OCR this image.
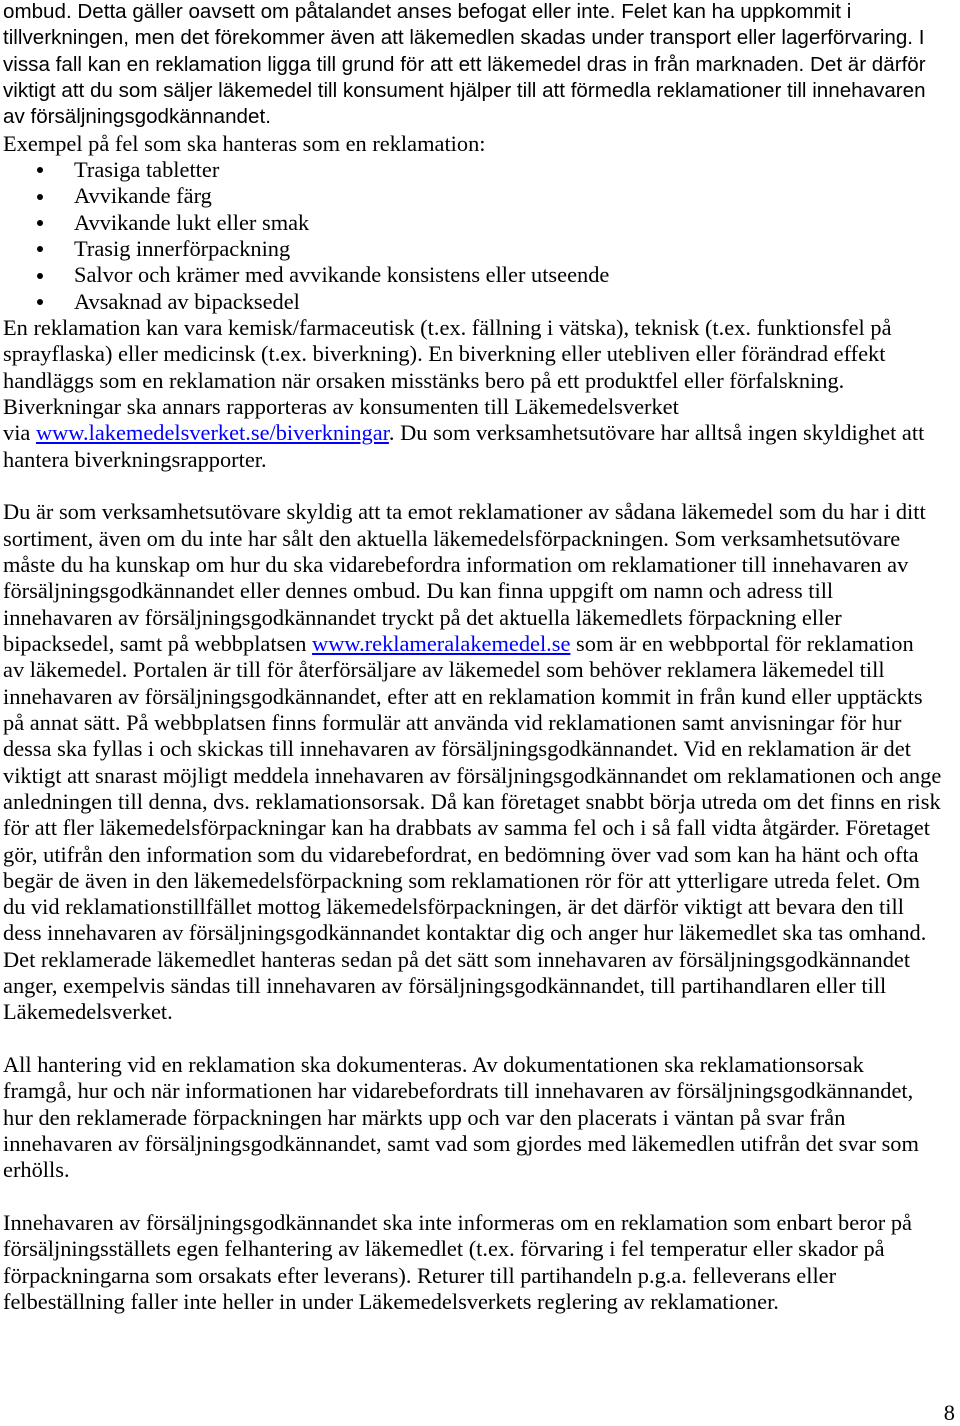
ombud. Detta gäller oavsett om påtalandet anses befogat eller inte. Felet kan ha uppkommit i
tillverkningen, men det förekommer även att läkemedlen skadas under transport eller lagerförvaring. I
vissa fall kan en reklamation ligga till grund för att ett läkemedel dras in från marknaden. Det är därför
viktigt att du som säljer läkemedel till konsument hjälper till att förmedla reklamationer till innehavaren
av försäljningsgodkännandet.
Exempel på fel som ska hanteras som en reklamation:
Trasiga tabletter
Avvikande färg
Avvikande lukt eller smak
Trasig innerförpackning
Salvor och krämer med avvikande konsistens eller utseende
Avsaknad av bipacksedel
En reklamation kan vara kemisk/farmaceutisk (t.ex. fällning i vätska), teknisk (t.ex. funktionsfel på
sprayflaska) eller medicinsk (t.ex. biverkning). En biverkning eller utebliven eller förändrad effekt
handläggs som en reklamation när orsaken misstänks bero på ett produktfel eller förfalskning.
Biverkningar ska annars rapporteras av konsumenten till Läkemedelsverket
via www.lakemedelsverket.se/biverkningar. Du som verksamhetsutövare har alltså ingen skyldighet att
hantera biverkningsrapporter.
Du är som verksamhetsutövare skyldig att ta emot reklamationer av sådana läkemedel som du har i ditt
sortiment, även om du inte har sålt den aktuella läkemedelsförpackningen. Som verksamhetsutövare
måste du ha kunskap om hur du ska vidarebefordra information om reklamationer till innehavaren av
försäljningsgodkännandet eller dennes ombud. Du kan finna uppgift om namn och adress till
innehavaren av försäljningsgodkännandet tryckt på det aktuella läkemedlets förpackning eller
bipacksedel, samt på webbplatsen www.reklameralakemedel.se som är en webbportal för reklamation
av läkemedel. Portalen är till för återförsäljare av läkemedel som behöver reklamera läkemedel till
innehavaren av försäljningsgodkännandet, efter att en reklamation kommit in från kund eller upptäckts
på annat sätt. På webbplatsen finns formulär att använda vid reklamationen samt anvisningar för hur
dessa ska fyllas i och skickas till innehavaren av försäljningsgodkännandet. Vid en reklamation är det
viktigt att snarast möjligt meddela innehavaren av försäljningsgodkännandet om reklamationen och ange
anledningen till denna, dvs. reklamationsorsak. Då kan företaget snabbt börja utreda om det finns en risk
för att fler läkemedelsförpackningar kan ha drabbats av samma fel och i så fall vidta åtgärder. Företaget
gör, utifrån den information som du vidarebefordrat, en bedömning över vad som kan ha hänt och ofta
begär de även in den läkemedelsförpackning som reklamationen rör för att ytterligare utreda felet. Om
du vid reklamationstillfället mottog läkemedelsförpackningen, är det därför viktigt att bevara den till
dess innehavaren av försäljningsgodkännandet kontaktar dig och anger hur läkemedlet ska tas omhand.
Det reklamerade läkemedlet hanteras sedan på det sätt som innehavaren av försäljningsgodkännandet
anger, exempelvis sändas till innehavaren av försäljningsgodkännandet, till partihandlaren eller till
Läkemedelsverket.
All hantering vid en reklamation ska dokumenteras. Av dokumentationen ska reklamationsorsak
framgå, hur och när informationen har vidarebefordrats till innehavaren av försäljningsgodkännandet,
hur den reklamerade förpackningen har märkts upp och var den placerats i väntan på svar från
innehavaren av försäljningsgodkännandet, samt vad som gjordes med läkemedlen utifrån det svar som
erhölls.
Innehavaren av försäljningsgodkännandet ska inte informeras om en reklamation som enbart beror på
försäljningsställets egen felhantering av läkemedlet (t.ex. förvaring i fel temperatur eller skador på
förpackningarna som orsakats efter leverans). Returer till partihandeln p.g.a. felleverans eller
felbeställning faller inte heller in under Läkemedelsverkets reglering av reklamationer.
8
